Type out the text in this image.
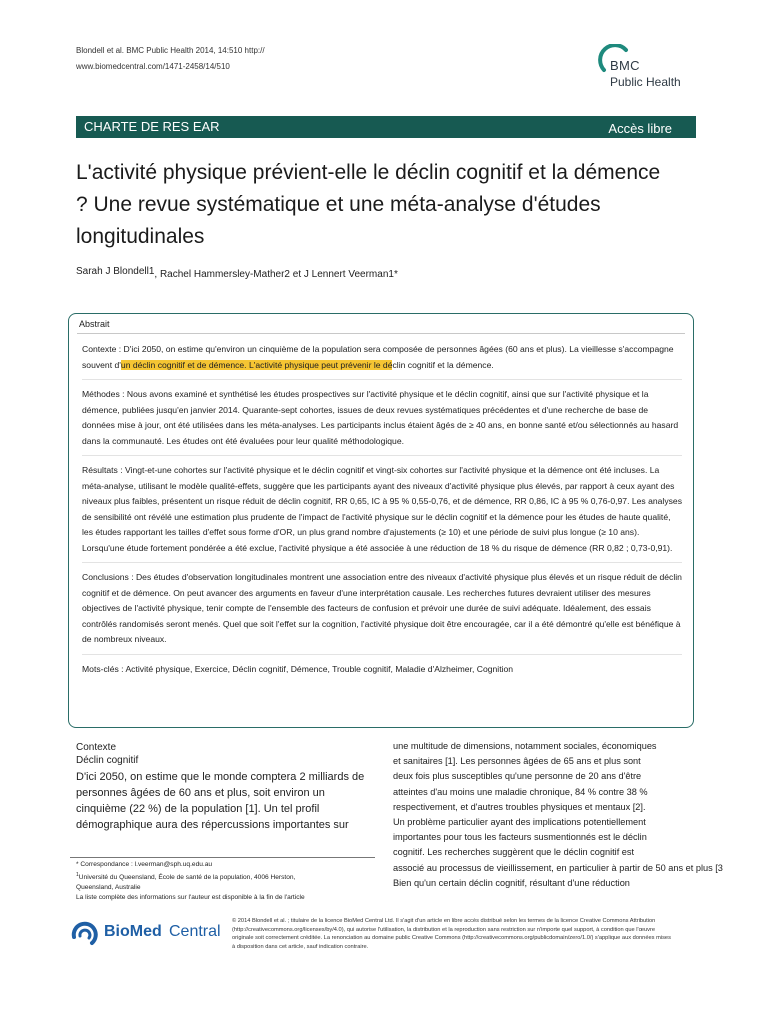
Blondell et al. BMC Public Health 2014, 14:510 http://
www.biomedcentral.com/1471-2458/14/510	BMC
Public Health
CHARTE DE RES EAR	Accès libre
L'activité physique prévient-elle le déclin cognitif et la démence ? Une revue systématique et une méta-analyse d'études longitudinales
Sarah J Blondell1, Rachel Hammersley-Mather2 et J Lennert Veerman1*
Abstrait

Contexte : D'ici 2050, on estime qu'environ un cinquième de la population sera composée de personnes âgées (60 ans et plus). La vieillesse s'accompagne souvent d'un déclin cognitif et de démence. L'activité physique peut prévenir le déclin cognitif et la démence.

Méthodes : Nous avons examiné et synthétisé les études prospectives sur l'activité physique et le déclin cognitif, ainsi que sur l'activité physique et la démence, publiées jusqu'en janvier 2014. Quarante-sept cohortes, issues de deux revues systématiques précédentes et d'une recherche de base de données mise à jour, ont été utilisées dans les méta-analyses. Les participants inclus étaient âgés de ≥ 40 ans, en bonne santé et/ou sélectionnés au hasard dans la communauté. Les études ont été évaluées pour leur qualité méthodologique.

Résultats : Vingt-et-une cohortes sur l'activité physique et le déclin cognitif et vingt-six cohortes sur l'activité physique et la démence ont été incluses. La méta-analyse, utilisant le modèle qualité-effets, suggère que les participants ayant des niveaux d'activité physique plus élevés, par rapport à ceux ayant des niveaux plus faibles, présentent un risque réduit de déclin cognitif, RR 0,65, IC à 95 % 0,55-0,76, et de démence, RR 0,86, IC à 95 % 0,76-0,97. Les analyses de sensibilité ont révélé une estimation plus prudente de l'impact de l'activité physique sur le déclin cognitif et la démence pour les études de haute qualité, les études rapportant les tailles d'effet sous forme d'OR, un plus grand nombre d'ajustements (≥ 10) et une période de suivi plus longue (≥ 10 ans). Lorsqu'une étude fortement pondérée a été exclue, l'activité physique a été associée à une réduction de 18 % du risque de démence (RR 0,82 ; 0,73-0,91).

Conclusions : Des études d'observation longitudinales montrent une association entre des niveaux d'activité physique plus élevés et un risque réduit de déclin cognitif et de démence. On peut avancer des arguments en faveur d'une interprétation causale. Les recherches futures devraient utiliser des mesures objectives de l'activité physique, tenir compte de l'ensemble des facteurs de confusion et prévoir une durée de suivi adéquate. Idéalement, des essais contrôlés randomisés seront menés. Quel que soit l'effet sur la cognition, l'activité physique doit être encouragée, car il a été démontré qu'elle est bénéfique à de nombreux niveaux.

Mots-clés : Activité physique, Exercice, Déclin cognitif, Démence, Trouble cognitif, Maladie d'Alzheimer, Cognition

Contexte
Déclin cognitif
D'ici 2050, on estime que le monde comptera 2 milliards de personnes âgées de 60 ans et plus, soit environ un cinquième (22 %) de la population [1]. Un tel profil démographique aura des répercussions importantes sur
* Correspondance : l.veerman@sph.uq.edu.au
$^1$Université du Queensland, École de santé de la population, 4006 Herston,
Queensland, Australie
La liste complète des informations sur l'auteur est disponible à la fin de l'article
une multitude de dimensions, notamment sociales, économiques
et sanitaires [1]. Les personnes âgées de 65 ans et plus sont
deux fois plus susceptibles qu'une personne de 20 ans d'être
atteintes d'au moins une maladie chronique, 84 % contre 38 %
respectivement, et d'autres troubles physiques et mentaux [2].
Un problème particulier ayant des implications potentiellement
importantes pour tous les facteurs susmentionnés est le déclin
cognitif. Les recherches suggèrent que le déclin cognitif est
associé au processus de vieillissement, en particulier à partir de 50 ans et plus [3
Bien qu'un certain déclin cognitif, résultant d'une réduction
BioMed Central
© 2014 Blondell et al. ; titulaire de la licence BioMed Central Ltd. Il s'agit d'un article en libre accès distribué selon les termes de la licence Creative Commons Attribution (http://creativecommons.org/licenses/by/4.0), qui autorise l'utilisation, la distribution et la reproduction sans restriction sur n'importe quel support, à condition que l'œuvre originale soit correctement créditée. La renonciation au domaine public Creative Commons (http://creativecommons.org/publicdomain/zero/1.0/) s'applique aux données mises à disposition dans cet article, sauf indication contraire.
